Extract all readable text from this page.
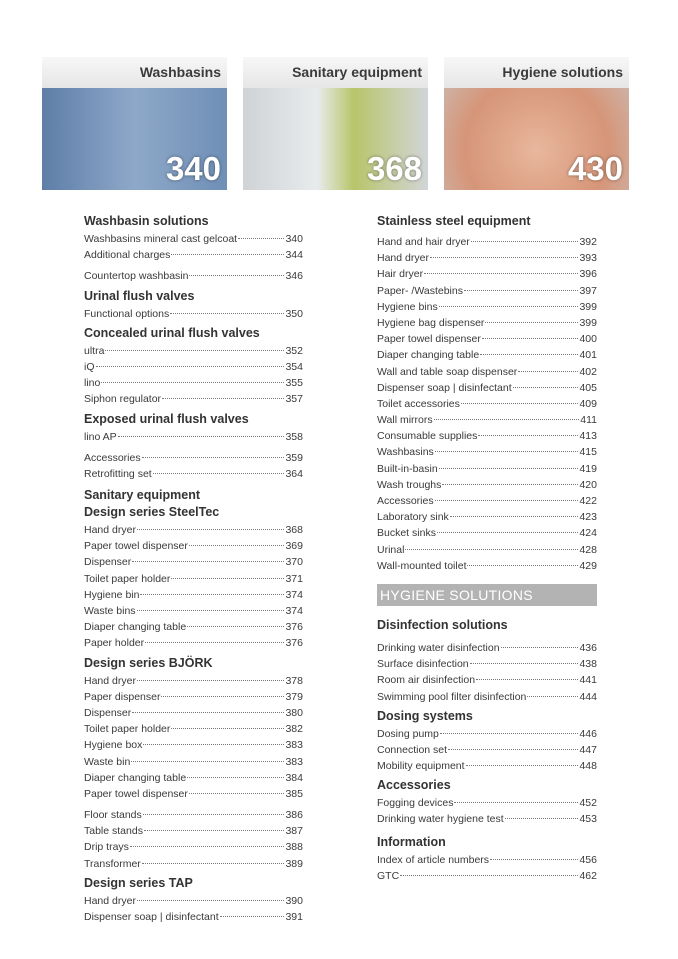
Washbasins
340
Sanitary equipment
368
Hygiene solutions
430
Washbasin solutions
Washbasins mineral cast gelcoat	340
Additional charges	344
Countertop washbasin	346
Urinal flush valves
Functional options	350
Concealed urinal flush valves
ultra	352
iQ	354
lino	355
Siphon regulator	357
Exposed urinal flush valves
lino AP	358
Accessories	359
Retrofitting set	364
Sanitary equipment
Design series SteelTec
Hand dryer	368
Paper towel dispenser	369
Dispenser	370
Toilet paper holder	371
Hygiene bin	374
Waste bins	374
Diaper changing table	376
Paper holder	376
Design series BJÖRK
Hand dryer	378
Paper dispenser	379
Dispenser	380
Toilet paper holder	382
Hygiene box	383
Waste bin	383
Diaper changing table	384
Paper towel dispenser	385
Floor stands	386
Table stands	387
Drip trays	388
Transformer	389
Design series TAP
Hand dryer	390
Dispenser soap | disinfectant	391
Stainless steel equipment
Hand and hair dryer	392
Hand dryer	393
Hair dryer	396
Paper- /Wastebins	397
Hygiene bins	399
Hygiene bag dispenser	399
Paper towel dispenser	400
Diaper changing table	401
Wall and table soap dispenser	402
Dispenser soap | disinfectant	405
Toilet accessories	409
Wall mirrors	411
Consumable supplies	413
Washbasins	415
Built-in-basin	419
Wash troughs	420
Accessories	422
Laboratory sink	423
Bucket sinks	424
Urinal	428
Wall-mounted toilet	429
HYGIENE SOLUTIONS
Disinfection solutions
Drinking water disinfection	436
Surface disinfection	438
Room air disinfection	441
Swimming pool filter disinfection	444
Dosing systems
Dosing pump	446
Connection set	447
Mobility equipment	448
Accessories
Fogging devices	452
Drinking water hygiene test	453
Information
Index of article numbers	456
GTC	462
